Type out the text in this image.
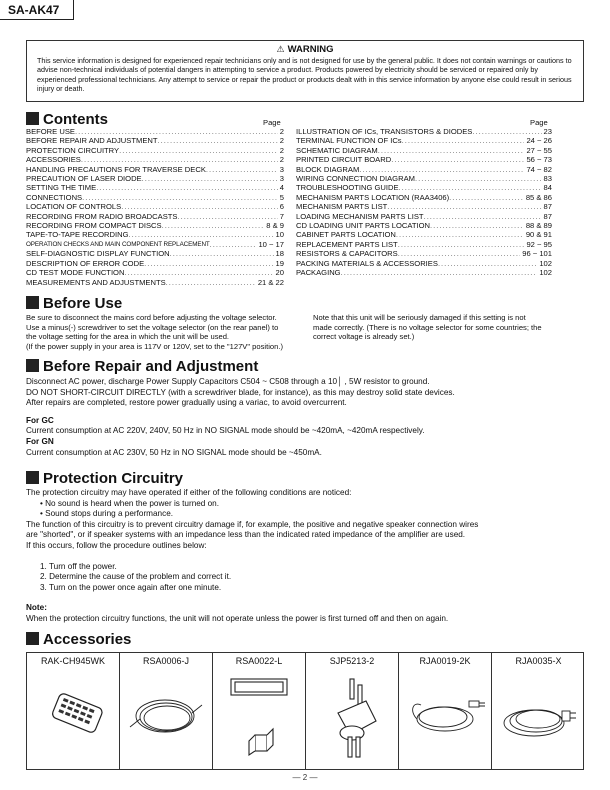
SA-AK47
⚠ WARNING
This service information is designed for experienced repair technicians only and is not designed for use by the general public. It does not contain warnings or cautions to advise non-technical individuals of potential dangers in attempting to service a product. Products powered by electricity should be serviced or repaired only by experienced professional technicians. Any attempt to service or repair the product or products dealt with in this service information by anyone else could result in serious injury or death.
Contents	Page	Page
BEFORE USE .....	2
BEFORE REPAIR AND ADJUSTMENT .....	2
PROTECTION CIRCUITRY .....	2
ACCESSORIES .....	2
HANDLING PRECAUTIONS FOR TRAVERSE DECK .....	3
PRECAUTION OF LASER DIODE .....	3
SETTING THE TIME .....	4
CONNECTIONS .....	5
LOCATION OF CONTROLS .....	6
RECORDING FROM RADIO BROADCASTS .....	7
RECORDING FROM COMPACT DISCS .....	8 & 9
TAPE-TO-TAPE RECORDING .....	10
OPERATION CHECKS AND MAIN COMPONENT REPLACEMENT .....	10 ~ 17
SELF-DIAGNOSTIC DISPLAY FUNCTION .....	18
DESCRIPTION OF ERROR CODE .....	19
CD TEST MODE FUNCTION .....	20
MEASUREMENTS AND ADJUSTMENTS .....	21 & 22
ILLUSTRATION OF ICs, TRANSISTORS & DIODES .....	23
TERMINAL FUNCTION OF ICs .....	24 ~ 26
SCHEMATIC DIAGRAM .....	27 ~ 55
PRINTED CIRCUIT BOARD .....	56 ~ 73
BLOCK DIAGRAM .....	74 ~ 82
WIRING CONNECTION DIAGRAM .....	83
TROUBLESHOOTING GUIDE .....	84
MECHANISM PARTS LOCATION (RAA3406) .....	85 & 86
MECHANISM PARTS LIST .....	87
LOADING MECHANISM PARTS LIST .....	87
CD LOADING UNIT PARTS LOCATION .....	88 & 89
CABINET PARTS LOCATION .....	90 & 91
REPLACEMENT PARTS LIST .....	92 ~ 95
RESISTORS & CAPACITORS .....	96 ~ 101
PACKING MATERIALS & ACCESSORIES .....	102
PACKAGING .....	102
Before Use
Be sure to disconnect the mains cord before adjusting the voltage selector.
Use a minus(-) screwdriver to set the voltage selector (on the rear panel) to
the voltage setting for the area in which the unit will be used.
(If the power supply in your area is 117V or 120V, set to the "127V" position.)
Note that this unit will be seriously damaged if this setting is not
made correctly. (There is no voltage selector for some countries; the
correct voltage is already set.)
Before Repair and Adjustment
Disconnect AC power, discharge Power Supply Capacitors C504 ~ C508 through a 10│ , 5W resistor to ground.
DO NOT SHORT-CIRCUIT DIRECTLY (with a screwdriver blade, for instance), as this may destroy solid state devices.
After repairs are completed, restore power gradually using a variac, to avoid overcurrent.
For GC
Current consumption at AC 220V, 240V, 50 Hz in NO SIGNAL mode should be ~420mA, ~420mA respectively.
For GN
Current consumption at AC 230V, 50 Hz in NO SIGNAL mode should be ~450mA.
Protection Circuitry
The protection circuitry may have operated if either of the following conditions are noticed:
• No sound is heard when the power is turned on.
• Sound stops during a performance.
The function of this circuitry is to prevent circuitry damage if, for example, the positive and negative speaker connection wires
are "shorted", or if speaker systems with an impedance less than the indicated rated impedance of the amplifier are used.
If this occurs, follow the procedure outlines below:
1. Turn off the power.
2. Determine the cause of the problem and correct it.
3. Turn on the power once again after one minute.
Note:
When the protection circuitry functions, the unit will not operate unless the power is first turned off and then on again.
Accessories
RAK-CH945WK	RSA0006-J	RSA0022-L	SJP5213-2	RJA0019-2K	RJA0035-X
— 2 —
